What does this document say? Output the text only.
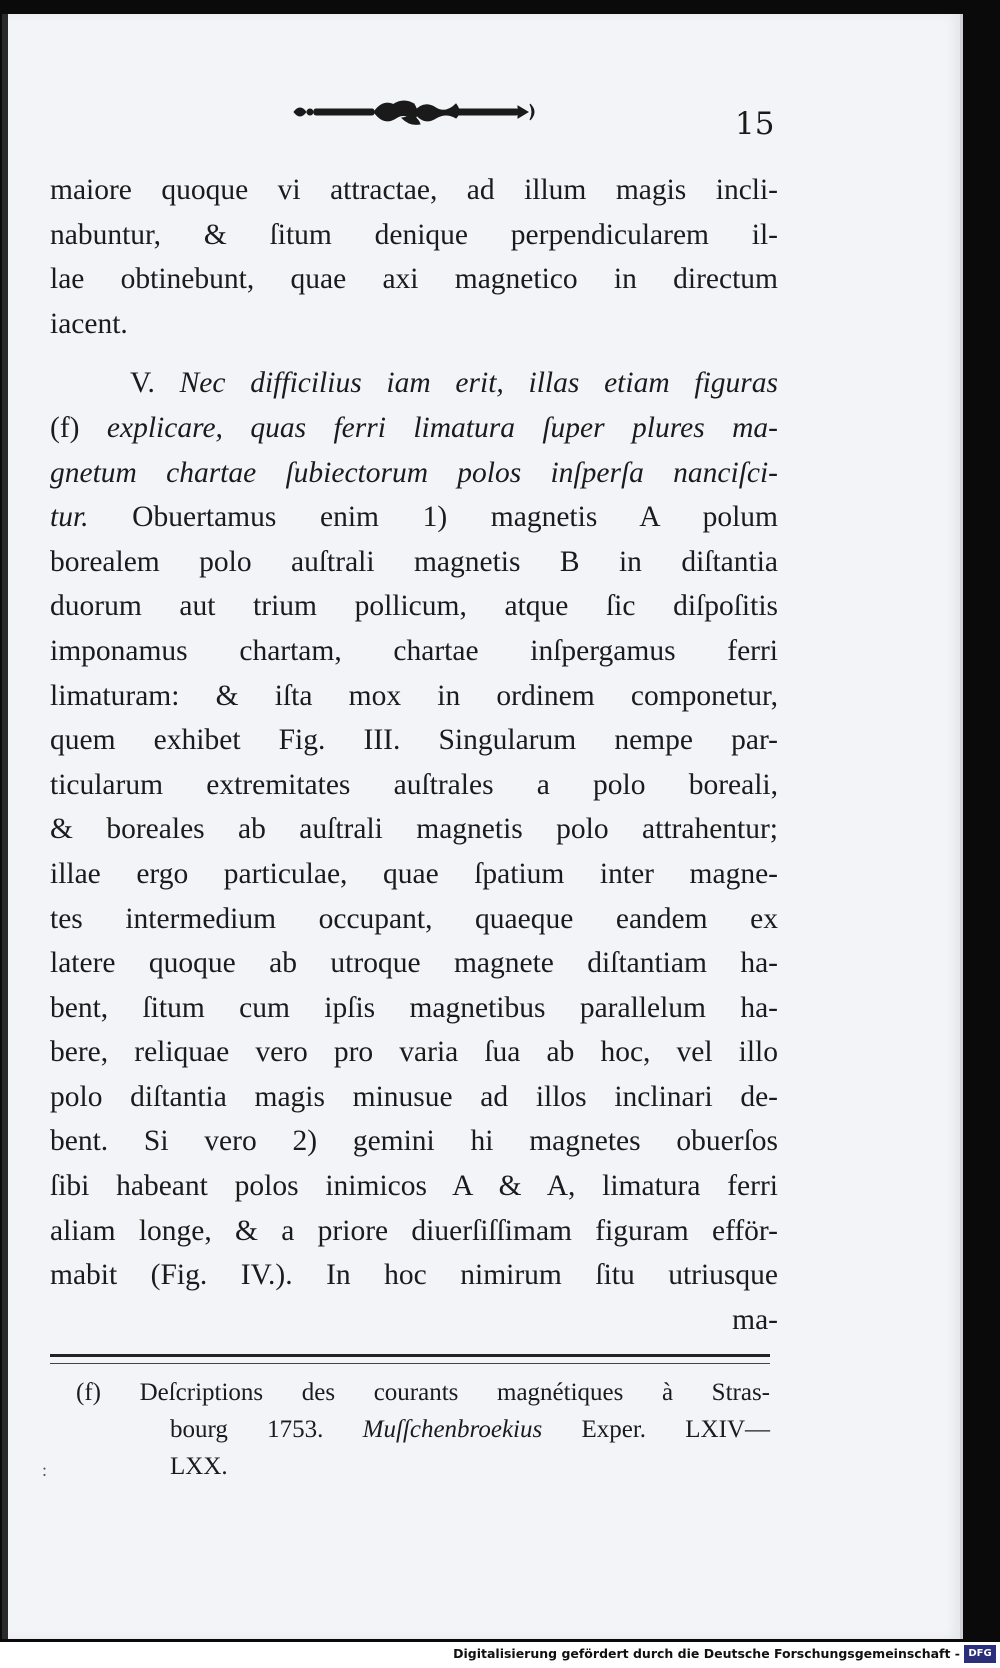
15
maiore quoque vi attractae, ad illum magis incli-
nabuntur, & ſitum denique perpendicularem il-
lae obtinebunt, quae axi magnetico in directum
iacent.
V. Nec difficilius iam erit, illas etiam figuras
(f) explicare, quas ferri limatura ſuper plures ma-
gnetum chartae ſubiectorum polos inſperſa nanciſci-
tur. Obuertamus enim 1) magnetis A polum
borealem polo auſtrali magnetis B in diſtantia
duorum aut trium pollicum, atque ſic diſpoſitis
imponamus chartam, chartae inſpergamus ferri
limaturam: & iſta mox in ordinem componetur,
quem exhibet Fig. III. Singularum nempe par-
ticularum extremitates auſtrales a polo boreali,
& boreales ab auſtrali magnetis polo attrahentur;
illae ergo particulae, quae ſpatium inter magne-
tes intermedium occupant, quaeque eandem ex
latere quoque ab utroque magnete diſtantiam ha-
bent, ſitum cum ipſis magnetibus parallelum ha-
bere, reliquae vero pro varia ſua ab hoc, vel illo
polo diſtantia magis minusue ad illos inclinari de-
bent. Si vero 2) gemini hi magnetes obuerſos
ſibi habeant polos inimicos A & A, limatura ferri
aliam longe, & a priore diuerſiſſimam figuram efför-
mabit (Fig. IV.). In hoc nimirum ſitu utriusque
ma-
(f) Deſcriptions des courants magnétiques à Stras-
bourg 1753. Muſſchenbroekius Exper. LXIV—
LXX.
:
Digitalisierung gefördert durch die Deutsche Forschungsgemeinschaft - DFG
